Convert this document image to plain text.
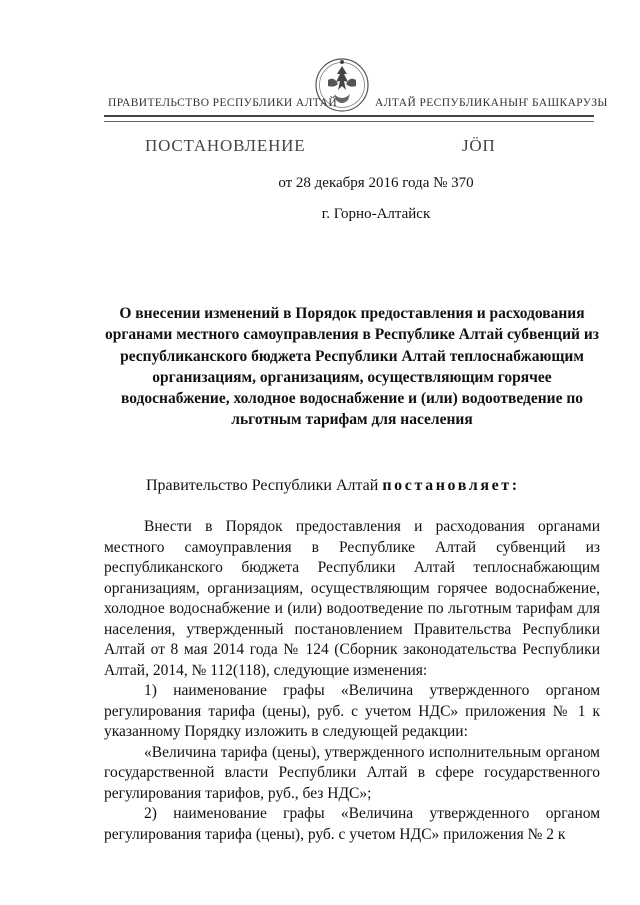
ПРАВИТЕЛЬСТВО РЕСПУБЛИКИ АЛТАЙ	АЛТАЙ РЕСПУБЛИКАНЫҤ БАШКАРУЗЫ
ПОСТАНОВЛЕНИЕ	ЈӦП
от 28 декабря 2016 года № 370
г. Горно-Алтайск
О внесении изменений в Порядок предоставления и расходования органами местного самоуправления в Республике Алтай субвенций из республиканского бюджета Республики Алтай теплоснабжающим организациям, организациям, осуществляющим горячее водоснабжение, холодное водоснабжение и (или) водоотведение по льготным тарифам для населения
Правительство Республики Алтай постановляет:

Внести в Порядок предоставления и расходования органами местного самоуправления в Республике Алтай субвенций из республиканского бюджета Республики Алтай теплоснабжающим организациям, организациям, осуществляющим горячее водоснабжение, холодное водоснабжение и (или) водоотведение по льготным тарифам для населения, утвержденный постановлением Правительства Республики Алтай от 8 мая 2014 года № 124 (Сборник законодательства Республики Алтай, 2014, № 112(118), следующие изменения:

1) наименование графы «Величина утвержденного органом регулирования тарифа (цены), руб. с учетом НДС» приложения № 1 к указанному Порядку изложить в следующей редакции:

«Величина тарифа (цены), утвержденного исполнительным органом государственной власти Республики Алтай в сфере государственного регулирования тарифов, руб., без НДС»;

2) наименование графы «Величина утвержденного органом регулирования тарифа (цены), руб. с учетом НДС» приложения № 2 к
